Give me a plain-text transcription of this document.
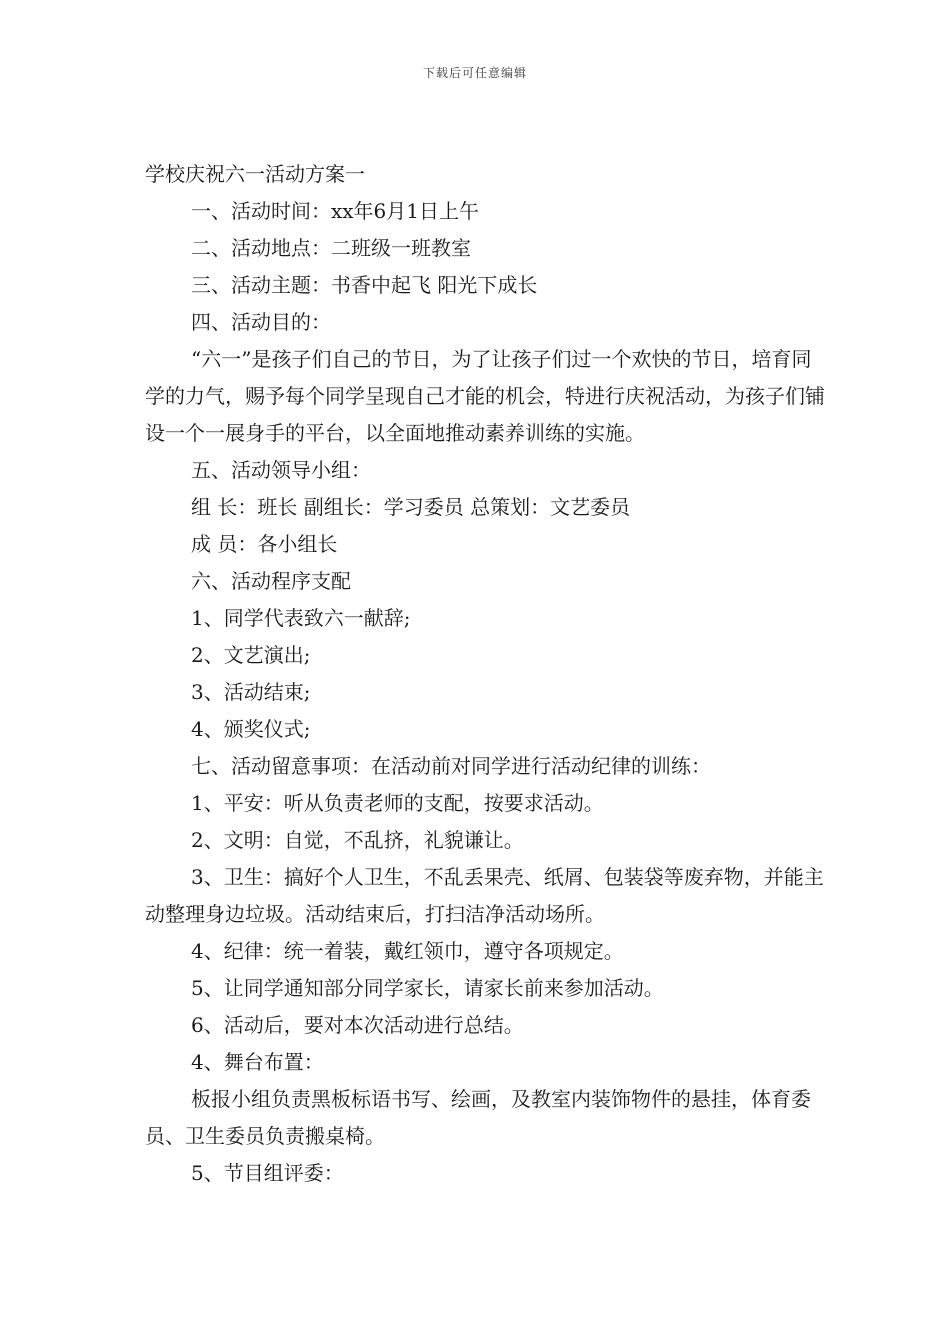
下载后可任意编辑

学校庆祝六一活动方案一

一、活动时间：xx年6月1日上午

二、活动地点：二班级一班教室

三、活动主题：书香中起飞 阳光下成长

四、活动目的：

“六一”是孩子们自己的节日，为了让孩子们过一个欢快的节日，培育同学的力气，赐予每个同学呈现自己才能的机会，特进行庆祝活动，为孩子们铺设一个一展身手的平台，以全面地推动素养训练的实施。

五、活动领导小组：

组 长：班长 副组长：学习委员 总策划：文艺委员

成 员：各小组长

六、活动程序支配

1、同学代表致六一献辞;

2、文艺演出;

3、活动结束;

4、颁奖仪式;

七、活动留意事项：在活动前对同学进行活动纪律的训练：

1、平安：听从负责老师的支配，按要求活动。

2、文明：自觉，不乱挤，礼貌谦让。

3、卫生：搞好个人卫生，不乱丢果壳、纸屑、包装袋等废弃物，并能主动整理身边垃圾。活动结束后，打扫洁净活动场所。

4、纪律：统一着装，戴红领巾，遵守各项规定。

5、让同学通知部分同学家长，请家长前来参加活动。

6、活动后，要对本次活动进行总结。

4、舞台布置：

板报小组负责黑板标语书写、绘画，及教室内装饰物件的悬挂，体育委员、卫生委员负责搬桌椅。

5、节目组评委：
